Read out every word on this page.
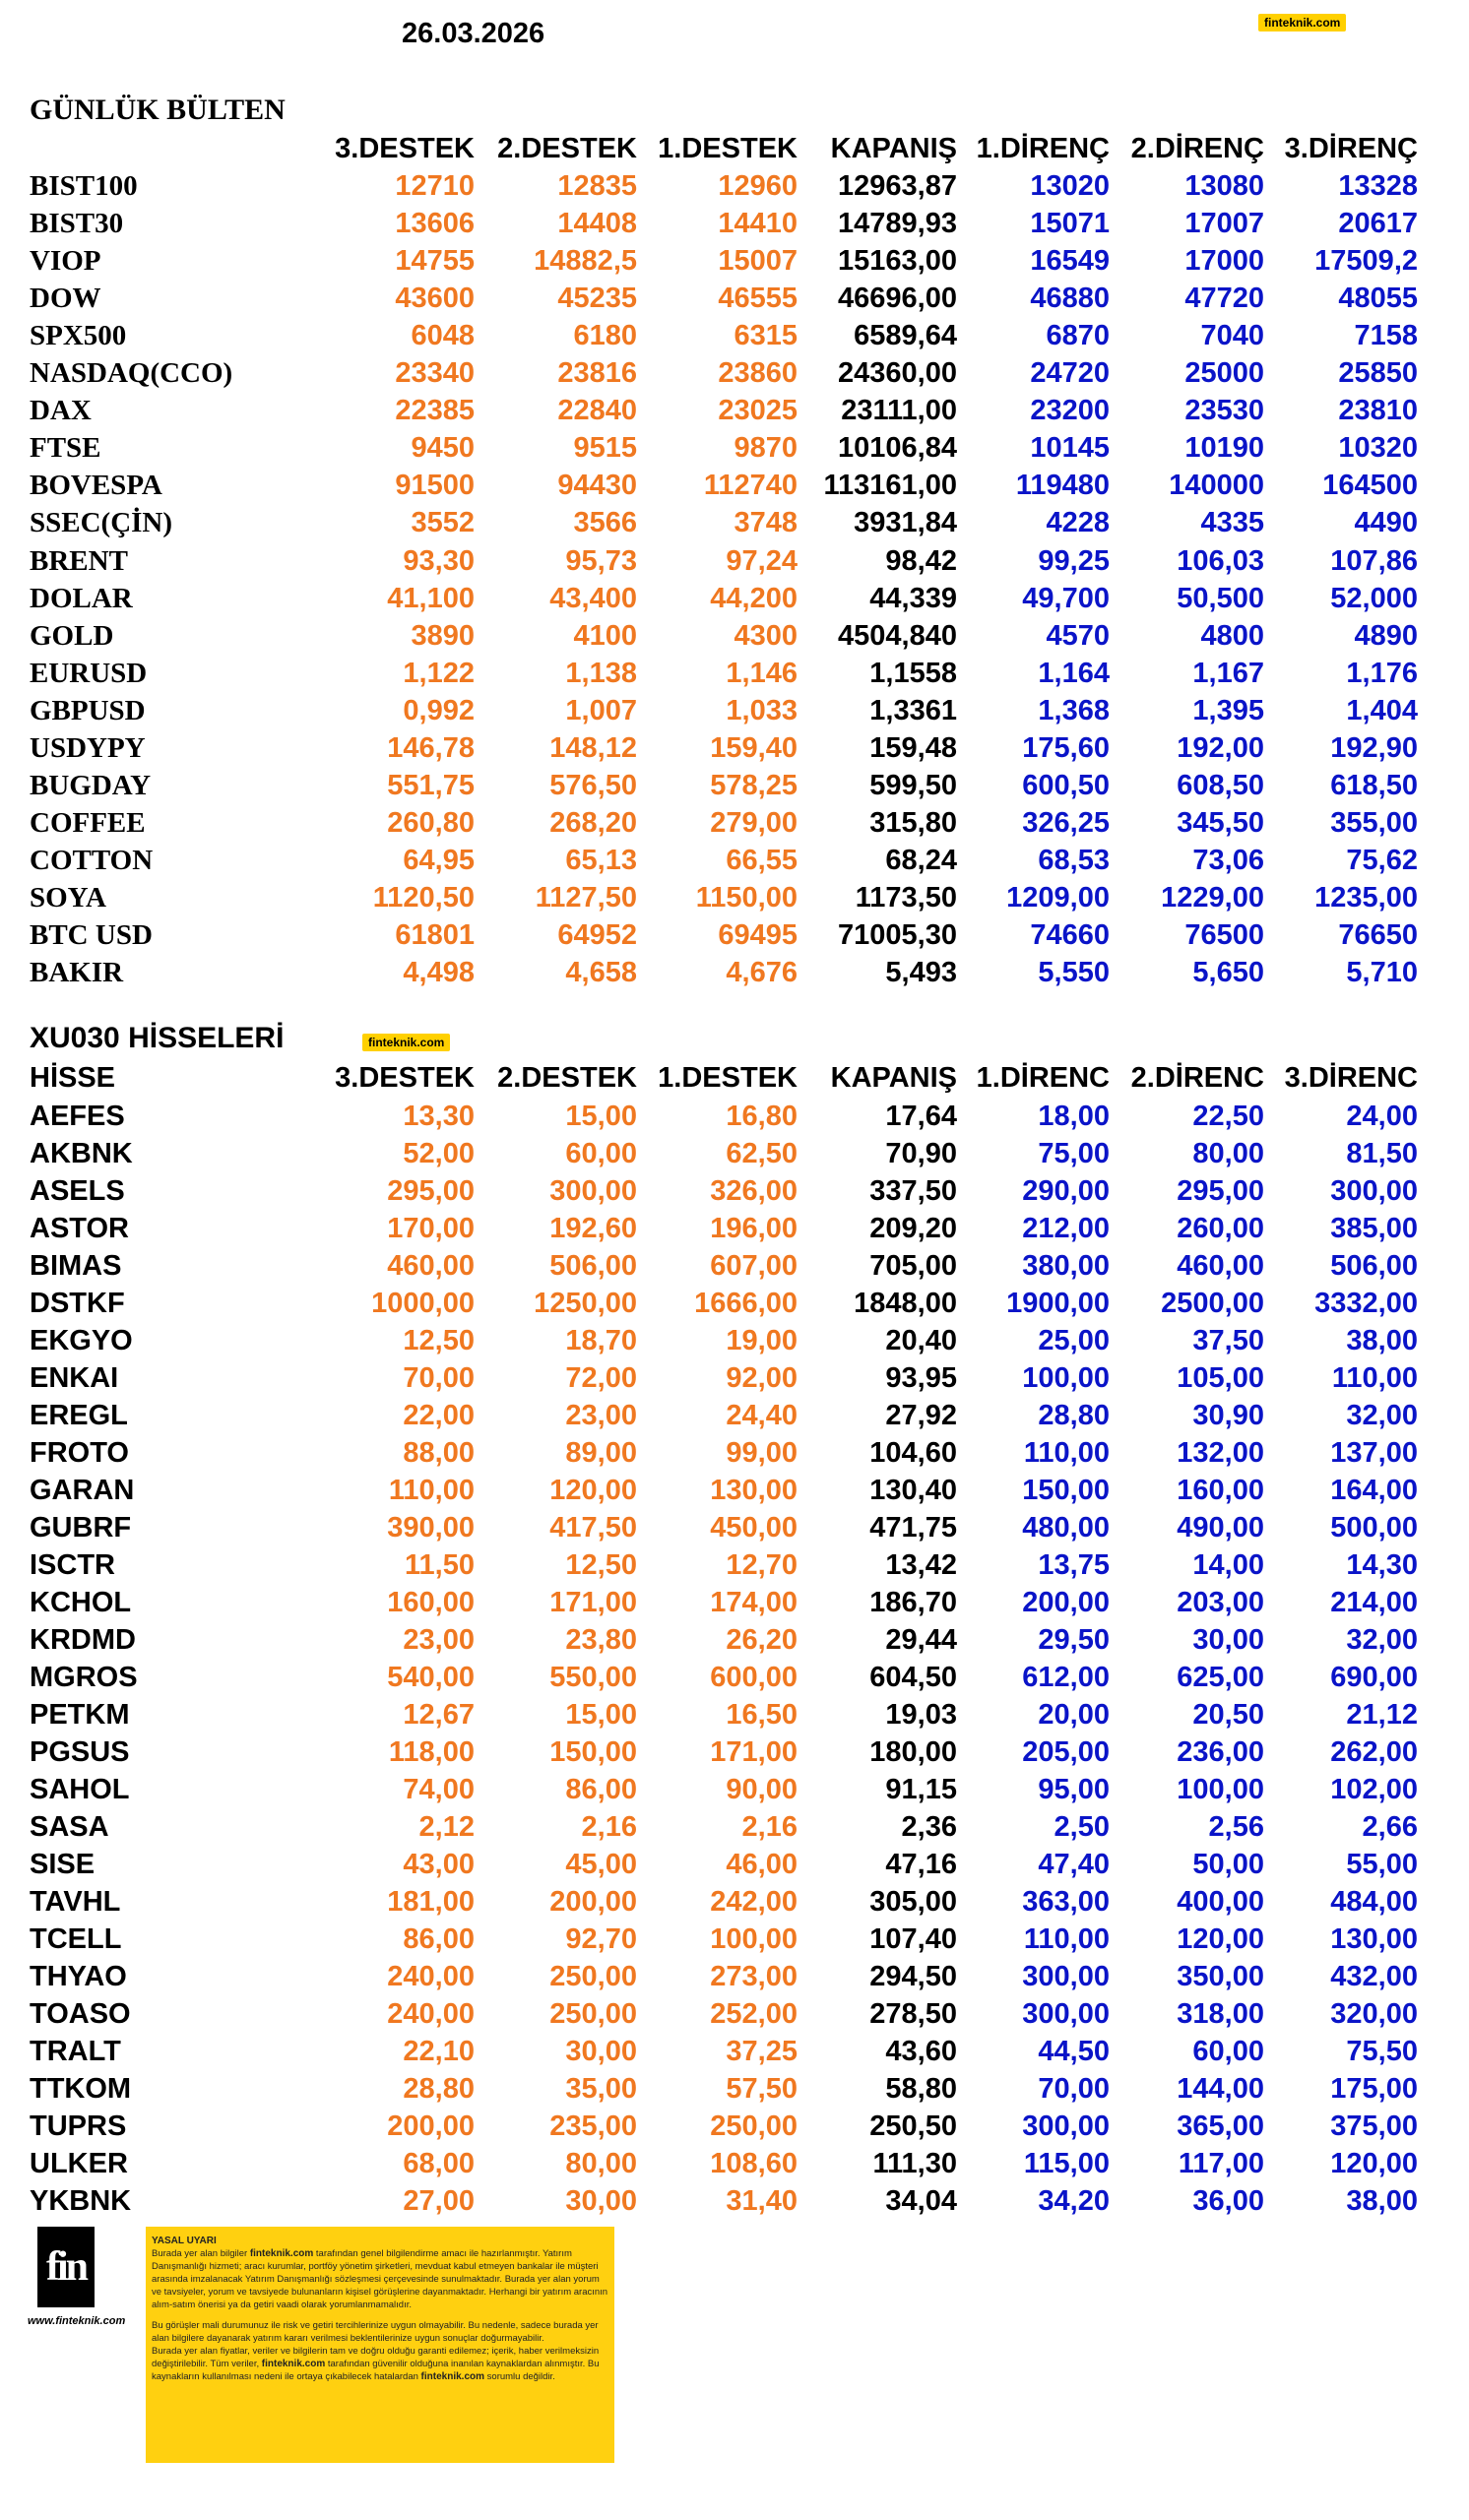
26.03.2026	finteknik.com
GÜNLÜK BÜLTEN
3.DESTEK 2.DESTEK 1.DESTEK	KAPANIŞ 1.DİRENÇ 2.DİRENÇ 3.DİRENÇ
BIST100	12710	12835	12960	12963,87	13020	13080	13328
BIST30	13606	14408	14410	14789,93	15071	17007	20617
VIOP	14755	14882,5	15007	15163,00	16549	17000	17509,2
DOW	43600	45235	46555	46696,00	46880	47720	48055
SPX500	6048	6180	6315	6589,64	6870	7040	7158
NASDAQ(CCO)	23340	23816	23860	24360,00	24720	25000	25850
DAX	22385	22840	23025	23111,00	23200	23530	23810
FTSE	9450	9515	9870	10106,84	10145	10190	10320
BOVESPA	91500	94430	112740 113161,00	119480	140000	164500
SSEC(ÇİN)	3552	3566	3748	3931,84	4228	4335	4490
BRENT	93,30	95,73	97,24	98,42	99,25	106,03	107,86
DOLAR	41,100	43,400	44,200	44,339	49,700	50,500	52,000
GOLD	3890	4100	4300	4504,840	4570	4800	4890
EURUSD	1,122	1,138	1,146	1,1558	1,164	1,167	1,176
GBPUSD	0,992	1,007	1,033	1,3361	1,368	1,395	1,404
USDYPY	146,78	148,12	159,40	159,48	175,60	192,00	192,90
BUGDAY	551,75	576,50	578,25	599,50	600,50	608,50	618,50
COFFEE	260,80	268,20	279,00	315,80	326,25	345,50	355,00
COTTON	64,95	65,13	66,55	68,24	68,53	73,06	75,62
SOYA	1120,50	1127,50	1150,00	1173,50	1209,00	1229,00	1235,00
BTC USD	61801	64952	69495	71005,30	74660	76500	76650
BAKIR	4,498	4,658	4,676	5,493	5,550	5,650	5,710
XU030 HİSSELERİ	finteknik.com
HİSSE	3.DESTEK 2.DESTEK 1.DESTEK	KAPANIŞ 1.DİRENC 2.DİRENC 3.DİRENC
AEFES	13,30	15,00	16,80	17,64	18,00	22,50	24,00
AKBNK	52,00	60,00	62,50	70,90	75,00	80,00	81,50
ASELS	295,00	300,00	326,00	337,50	290,00	295,00	300,00
ASTOR	170,00	192,60	196,00	209,20	212,00	260,00	385,00
BIMAS	460,00	506,00	607,00	705,00	380,00	460,00	506,00
DSTKF	1000,00	1250,00	1666,00	1848,00	1900,00	2500,00	3332,00
EKGYO	12,50	18,70	19,00	20,40	25,00	37,50	38,00
ENKAI	70,00	72,00	92,00	93,95	100,00	105,00	110,00
EREGL	22,00	23,00	24,40	27,92	28,80	30,90	32,00
FROTO	88,00	89,00	99,00	104,60	110,00	132,00	137,00
GARAN	110,00	120,00	130,00	130,40	150,00	160,00	164,00
GUBRF	390,00	417,50	450,00	471,75	480,00	490,00	500,00
ISCTR	11,50	12,50	12,70	13,42	13,75	14,00	14,30
KCHOL	160,00	171,00	174,00	186,70	200,00	203,00	214,00
KRDMD	23,00	23,80	26,20	29,44	29,50	30,00	32,00
MGROS	540,00	550,00	600,00	604,50	612,00	625,00	690,00
PETKM	12,67	15,00	16,50	19,03	20,00	20,50	21,12
PGSUS	118,00	150,00	171,00	180,00	205,00	236,00	262,00
SAHOL	74,00	86,00	90,00	91,15	95,00	100,00	102,00
SASA	2,12	2,16	2,16	2,36	2,50	2,56	2,66
SISE	43,00	45,00	46,00	47,16	47,40	50,00	55,00
TAVHL	181,00	200,00	242,00	305,00	363,00	400,00	484,00
TCELL	86,00	92,70	100,00	107,40	110,00	120,00	130,00
THYAO	240,00	250,00	273,00	294,50	300,00	350,00	432,00
TOASO	240,00	250,00	252,00	278,50	300,00	318,00	320,00
TRALT	22,10	30,00	37,25	43,60	44,50	60,00	75,50
TTKOM	28,80	35,00	57,50	58,80	70,00	144,00	175,00
TUPRS	200,00	235,00	250,00	250,50	300,00	365,00	375,00
ULKER	68,00	80,00	108,60	111,30	115,00	117,00	120,00
YKBNK	27,00	30,00	31,40	34,04	34,20	36,00	38,00
fin
www.finteknik.com

YASAL UYARI
Burada yer alan bilgiler finteknik.com tarafından genel bilgilendirme amacı ile hazırlanmıştır. Yatırım Danışmanlığı hizmeti; aracı kurumlar, portföy yönetim şirketleri, mevduat kabul etmeyen bankalar ile müşteri arasında imzalanacak Yatırım Danışmanlığı sözleşmesi çerçevesinde sunulmaktadır. Burada yer alan yorum ve tavsiyeler, yorum ve tavsiyede bulunanların kişisel görüşlerine dayanmaktadır. Herhangi bir yatırım aracının alım-satım önerisi ya da getiri vaadi olarak yorumlanmamalıdır.

Bu görüşler mali durumunuz ile risk ve getiri tercihlerinize uygun olmayabilir. Bu nedenle, sadece burada yer alan bilgilere dayanarak yatırım kararı verilmesi beklentilerinize uygun sonuçlar doğurmayabilir.
Burada yer alan fiyatlar, veriler ve bilgilerin tam ve doğru olduğu garanti edilemez; içerik, haber verilmeksizin değiştirilebilir. Tüm veriler, finteknik.com tarafından güvenilir olduğuna inanılan kaynaklardan alınmıştır. Bu kaynakların kullanılması nedeni ile ortaya çıkabilecek hatalardan finteknik.com sorumlu değildir.
